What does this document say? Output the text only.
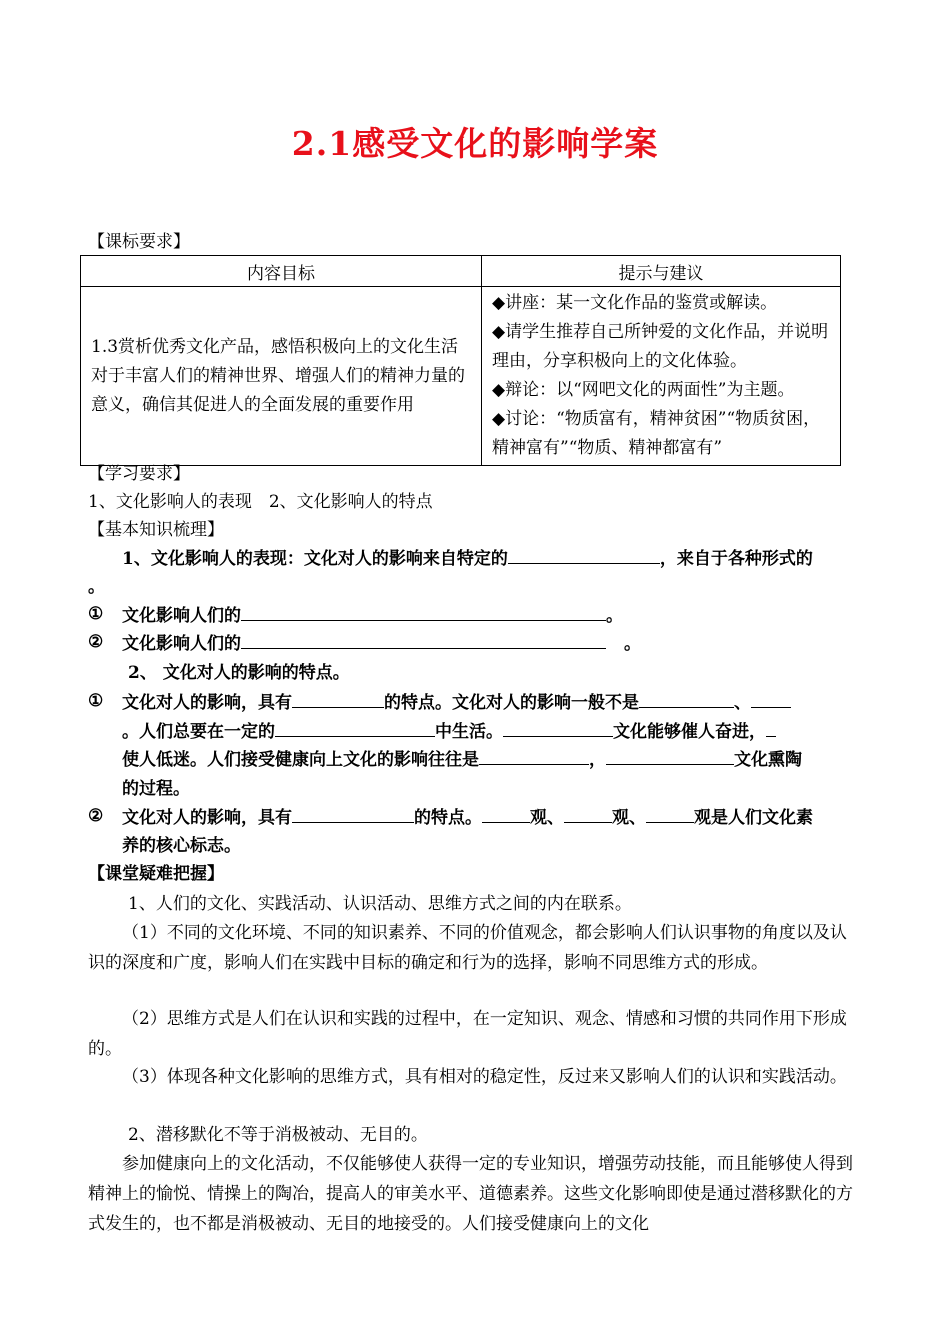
2.1感受文化的影响学案
【课标要求】
内容目标	提示与建议
1.3赏析优秀文化产品，感悟积极向上的文化生活对于丰富人们的精神世界、增强人们的精神力量的意义，确信其促进人的全面发展的重要作用	◆讲座：某一文化作品的鉴赏或解读。
◆请学生推荐自己所钟爱的文化作品，并说明理由，分享积极向上的文化体验。
◆辩论：以“网吧文化的两面性”为主题。
◆讨论：“物质富有，精神贫困”“物质贫困，精神富有”“物质、精神都富有”
【学习要求】
1、文化影响人的表现　2、文化影响人的特点
【基本知识梳理】
1、文化影响人的表现：文化对人的影响来自特定的	，来自于各种形式的
。
① 文化影响人们的	。
② 文化影响人们的	。
2、 文化对人的影响的特点。
① 文化对人的影响，具有	的特点。文化对人的影响一般不是	、
。人们总要在一定的	中生活。	文化能够催人奋进，
使人低迷。人们接受健康向上文化的影响往往是	，	文化熏陶
的过程。
② 文化对人的影响，具有	的特点。	观、	观、	观是人们文化素
养的核心标志。
【课堂疑难把握】
1、人们的文化、实践活动、认识活动、思维方式之间的内在联系。
（1）不同的文化环境、不同的知识素养、不同的价值观念，都会影响人们认识事物的角度以及认识的深度和广度，影响人们在实践中目标的确定和行为的选择，影响不同思维方式的形成。
（2）思维方式是人们在认识和实践的过程中，在一定知识、观念、情感和习惯的共同作用下形成的。
（3）体现各种文化影响的思维方式，具有相对的稳定性，反过来又影响人们的认识和实践活动。
2、潜移默化不等于消极被动、无目的。
参加健康向上的文化活动，不仅能够使人获得一定的专业知识，增强劳动技能，而且能够使人得到精神上的愉悦、情操上的陶冶，提高人的审美水平、道德素养。这些文化影响即使是通过潜移默化的方式发生的，也不都是消极被动、无目的地接受的。人们接受健康向上的文化
